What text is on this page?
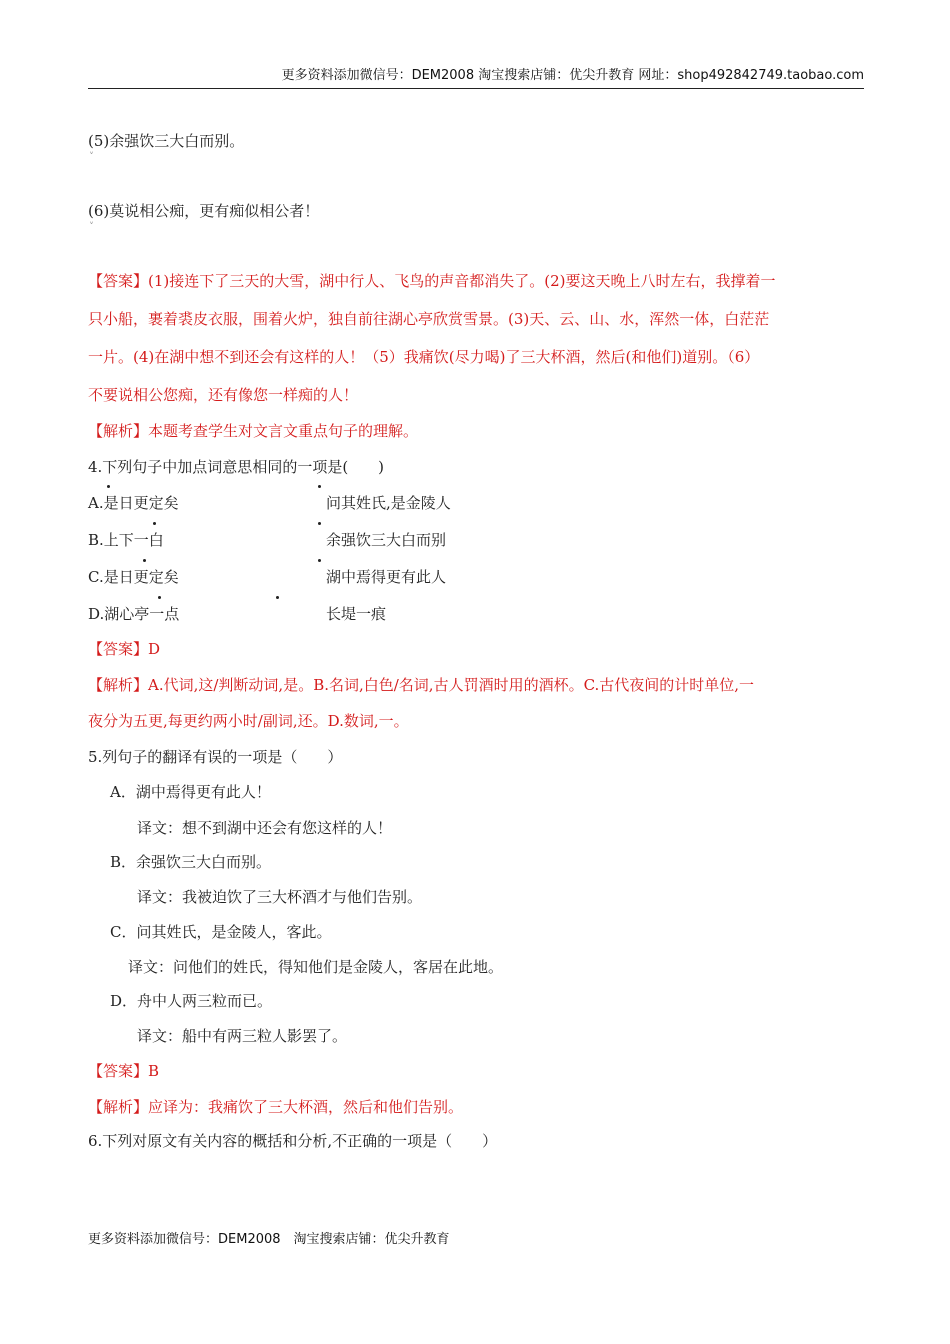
更多资料添加微信号：DEM2008 淘宝搜索店铺：优尖升教育 网址：shop492842749.taobao.com
(5)余强饮三大白而别。
˅
(6)莫说相公痴，更有痴似相公者！
˅
【答案】(1)接连下了三天的大雪，湖中行人、飞鸟的声音都消失了。(2)要这天晚上八时左右，我撑着一
只小船，裹着裘皮衣服，围着火炉，独自前往湖心亭欣赏雪景。(3)天、云、山、水，浑然一体，白茫茫
一片。(4)在湖中想不到还会有这样的人！（5）我痛饮(尽力喝)了三大杯酒，然后(和他们)道别。（6）
不要说相公您痴，还有像您一样痴的人！
【解析】本题考查学生对文言文重点句子的理解。
4.下列句子中加点词意思相同的一项是(　　)
A.是日更定矣	问其姓氏,是金陵人
B.上下一白	余强饮三大白而别
C.是日更定矣	湖中焉得更有此人
D.湖心亭一点	长堤一痕
【答案】D
【解析】A.代词,这/判断动词,是。B.名词,白色/名词,古人罚酒时用的酒杯。C.古代夜间的计时单位,一
夜分为五更,每更约两小时/副词,还。D.数词,一。
5.列句子的翻译有误的一项是（　　）
A．湖中焉得更有此人！
译文：想不到湖中还会有您这样的人！
B．余强饮三大白而别。
译文：我被迫饮了三大杯酒才与他们告别。
C．问其姓氏，是金陵人，客此。
译文：问他们的姓氏，得知他们是金陵人，客居在此地。
D．舟中人两三粒而已。
译文：船中有两三粒人影罢了。
【答案】B
【解析】应译为：我痛饮了三大杯酒，然后和他们告别。
6.下列对原文有关内容的概括和分析,不正确的一项是（　　）
更多资料添加微信号：DEM2008　淘宝搜索店铺：优尖升教育
